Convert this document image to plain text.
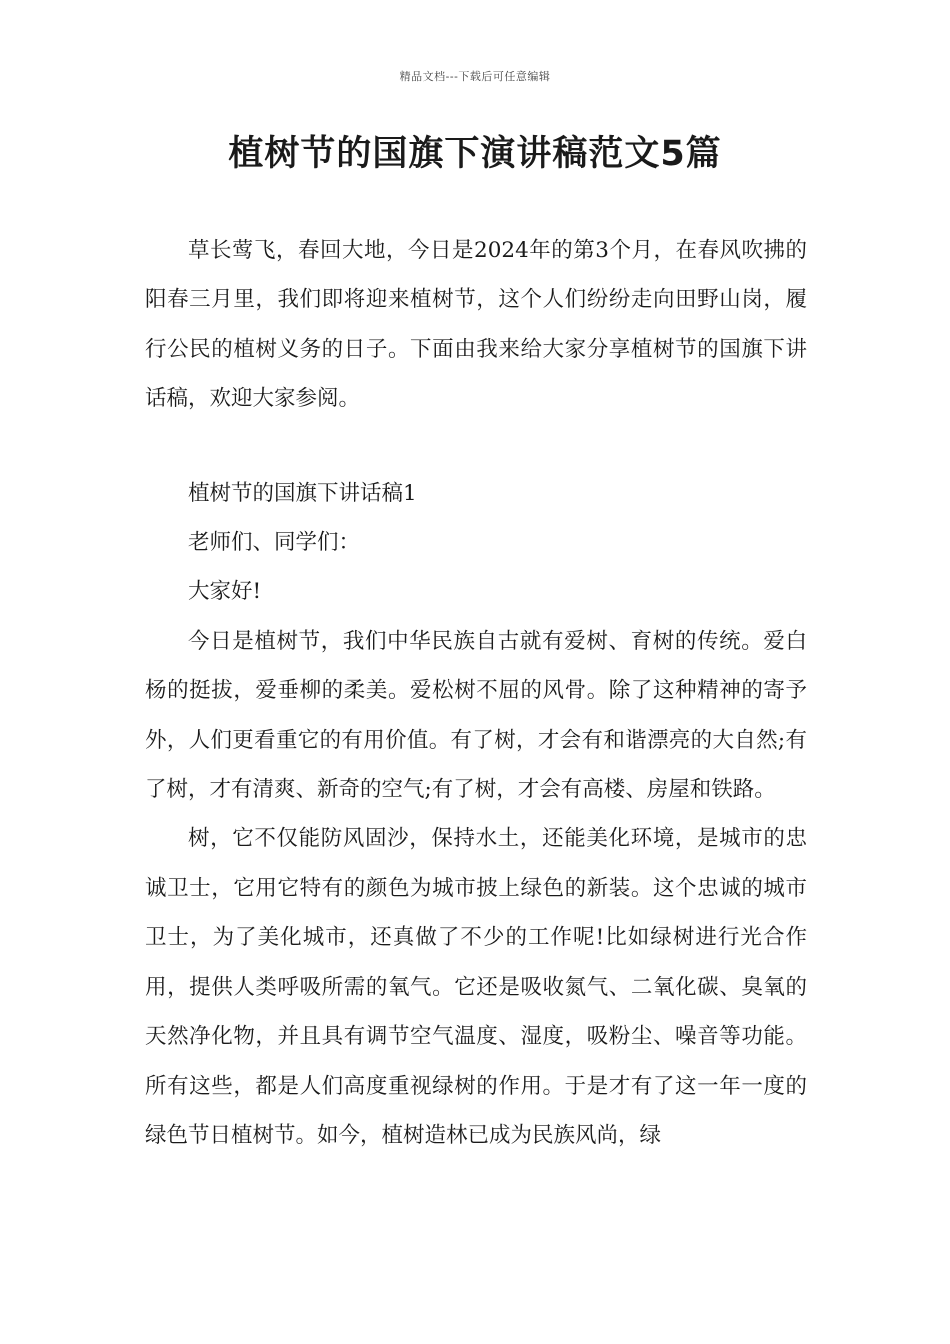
精品文档---下载后可任意编辑
植树节的国旗下演讲稿范文5篇

草长莺飞，春回大地，今日是2024年的第3个月，在春风吹拂的阳春三月里，我们即将迎来植树节，这个人们纷纷走向田野山岗，履行公民的植树义务的日子。下面由我来给大家分享植树节的国旗下讲话稿，欢迎大家参阅。

植树节的国旗下讲话稿1

老师们、同学们：

大家好!

今日是植树节，我们中华民族自古就有爱树、育树的传统。爱白杨的挺拔，爱垂柳的柔美。爱松树不屈的风骨。除了这种精神的寄予外，人们更看重它的有用价值。有了树，才会有和谐漂亮的大自然;有了树，才有清爽、新奇的空气;有了树，才会有高楼、房屋和铁路。

树，它不仅能防风固沙，保持水土，还能美化环境，是城市的忠诚卫士，它用它特有的颜色为城市披上绿色的新装。这个忠诚的城市卫士，为了美化城市，还真做了不少的工作呢!比如绿树进行光合作用，提供人类呼吸所需的氧气。它还是吸收氮气、二氧化碳、臭氧的天然净化物，并且具有调节空气温度、湿度，吸粉尘、噪音等功能。所有这些，都是人们高度重视绿树的作用。于是才有了这一年一度的绿色节日植树节。如今，植树造林已成为民族风尚，绿
